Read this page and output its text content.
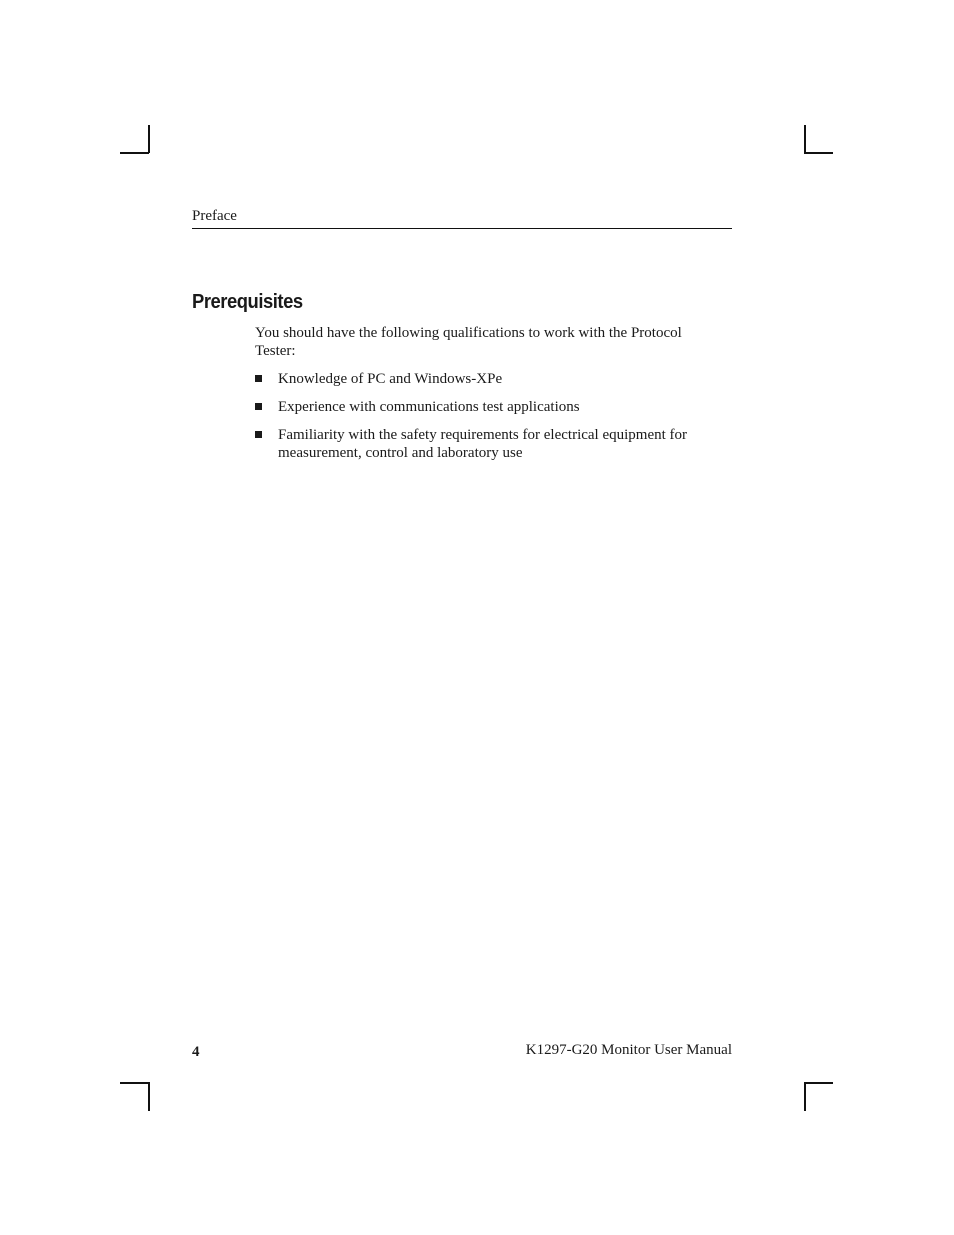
Preface
Prerequisites

You should have the following qualifications to work with the Protocol Tester:

Knowledge of PC and Windows-XPe
Experience with communications test applications
Familiarity with the safety requirements for electrical equipment for measurement, control and laboratory use
4	K1297-G20 Monitor User Manual
